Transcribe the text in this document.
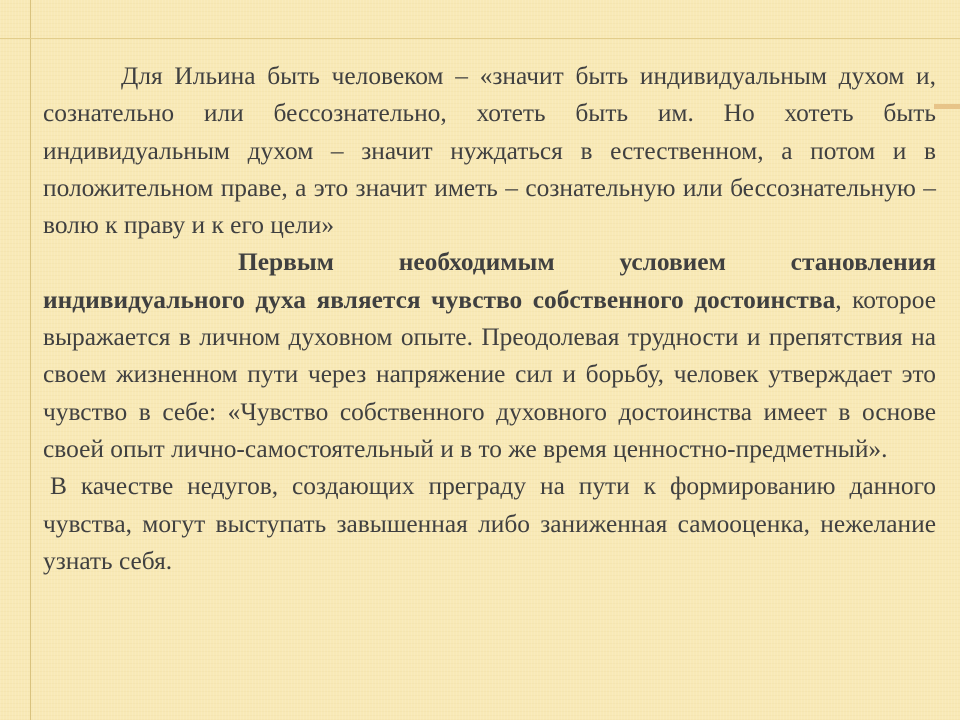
Для Ильина быть человеком – «значит быть индивидуальным духом и, сознательно или бессознательно, хотеть быть им. Но хотеть быть индивидуальным духом – значит нуждаться в естественном, а потом и в положительном праве, а это значит иметь – сознательную или бессознательную – волю к праву и к его цели»

Первым необходимым условием становления индивидуального духа является чувство собственного достоинства, которое выражается в личном духовном опыте. Преодолевая трудности и препятствия на своем жизненном пути через напряжение сил и борьбу, человек утверждает это чувство в себе: «Чувство собственного духовного достоинства имеет в основе своей опыт лично-самостоятельный и в то же время ценностно-предметный».

В качестве недугов, создающих преграду на пути к формированию данного чувства, могут выступать завышенная либо заниженная самооценка, нежелание узнать себя.
